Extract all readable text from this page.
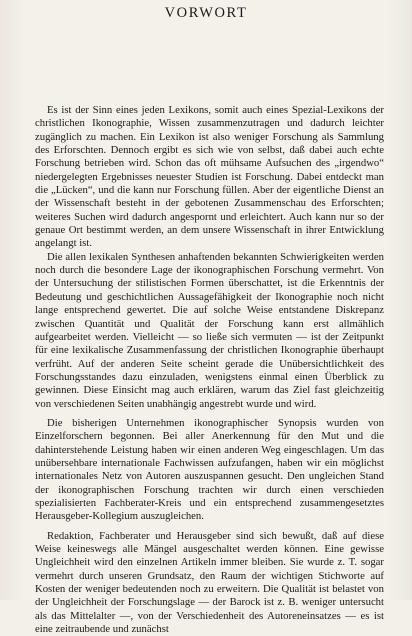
VORWORT

Es ist der Sinn eines jeden Lexikons, somit auch eines Spezial-Lexikons der christlichen Ikonographie, Wissen zusammenzutragen und dadurch leichter zugänglich zu machen. Ein Lexikon ist also weniger Forschung als Sammlung des Erforschten. Dennoch ergibt es sich wie von selbst, daß dabei auch echte Forschung betrieben wird. Schon das oft mühsame Aufsuchen des „irgendwo“ niedergelegten Ergebnisses neuester Studien ist Forschung. Dabei entdeckt man die „Lücken“, und die kann nur Forschung füllen. Aber der eigentliche Dienst an der Wissenschaft besteht in der gebotenen Zusammenschau des Erforschten; weiteres Suchen wird dadurch angespornt und erleichtert. Auch kann nur so der genaue Ort bestimmt werden, an dem unsere Wissenschaft in ihrer Entwicklung angelangt ist.

Die allen lexikalen Synthesen anhaftenden bekannten Schwierigkeiten werden noch durch die besondere Lage der ikonographischen Forschung vermehrt. Von der Untersuchung der stilistischen Formen überschattet, ist die Erkenntnis der Bedeutung und geschichtlichen Aussagefähigkeit der Ikonographie noch nicht lange entsprechend gewertet. Die auf solche Weise entstandene Diskrepanz zwischen Quantität und Qualität der Forschung kann erst allmählich aufgearbeitet werden. Vielleicht — so ließe sich vermuten — ist der Zeitpunkt für eine lexikalische Zusammenfassung der christlichen Ikonographie überhaupt verfrüht. Auf der anderen Seite scheint gerade die Unübersichtlichkeit des Forschungsstandes dazu einzuladen, wenigstens einmal einen Überblick zu gewinnen. Diese Einsicht mag auch erklären, warum das Ziel fast gleichzeitig von verschiedenen Seiten unabhängig angestrebt wurde und wird.

Die bisherigen Unternehmen ikonographischer Synopsis wurden von Einzelforschern begonnen. Bei aller Anerkennung für den Mut und die dahinterstehende Leistung haben wir einen anderen Weg eingeschlagen. Um das unübersehbare internationale Fachwissen aufzufangen, haben wir ein möglichst internationales Netz von Autoren auszuspannen gesucht. Den ungleichen Stand der ikonographischen Forschung trachten wir durch einen verschieden spezialisierten Fachberater-Kreis und ein entsprechend zusammengesetztes Herausgeber-Kollegium auszugleichen.

Redaktion, Fachberater und Herausgeber sind sich bewußt, daß auf diese Weise keineswegs alle Mängel ausgeschaltet werden können. Eine gewisse Ungleichheit wird den einzelnen Artikeln immer bleiben. Sie wurde z. T. sogar vermehrt durch unseren Grundsatz, den Raum der wichtigen Stichworte auf Kosten der weniger bedeutenden noch zu erweitern. Die Qualität ist belastet von der Ungleichheit der Forschungslage — der Barock ist z. B. weniger untersucht als das Mittelalter —, von der Verschiedenheit des Autoreneinsatzes — es ist eine zeitraubende und zunächst
